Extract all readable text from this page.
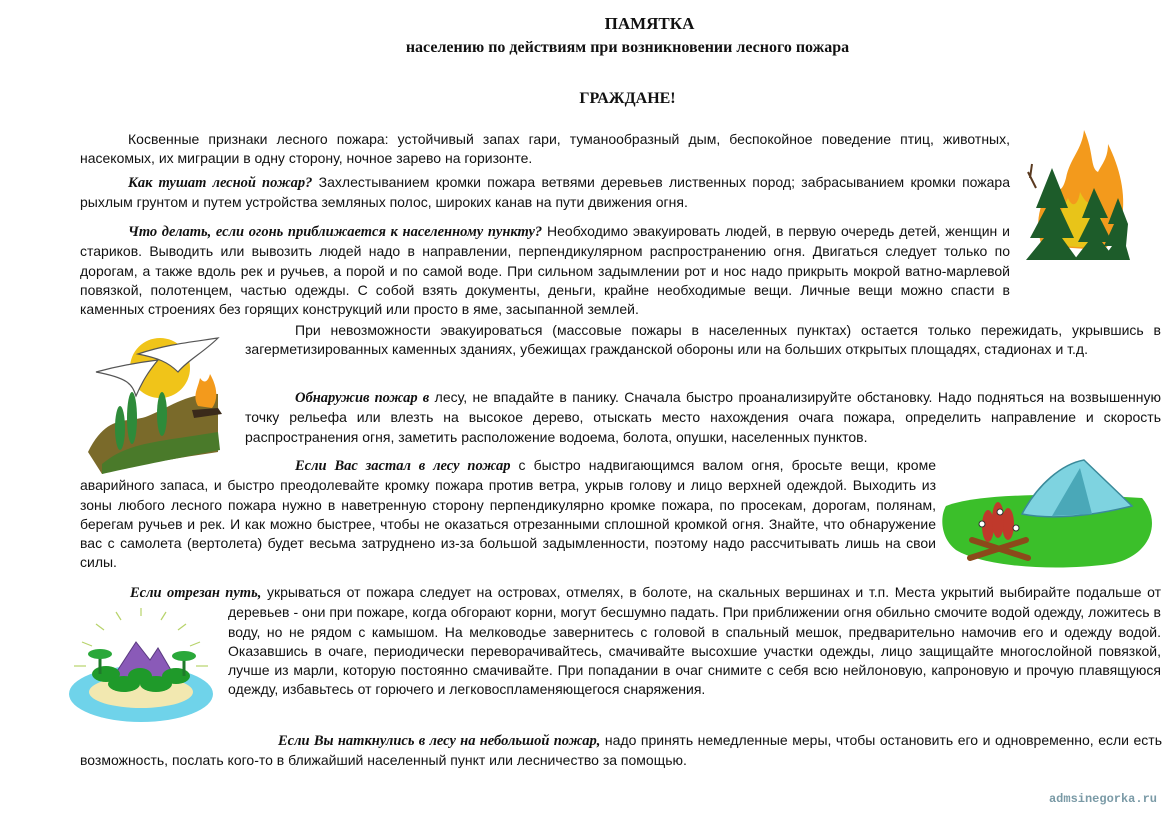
ПАМЯТКА
населению по действиям при возникновении лесного пожара
ГРАЖДАНЕ!

Косвенные признаки лесного пожара: устойчивый запах гари, туманообразный дым, беспокойное поведение птиц, животных, насекомых, их миграции в одну сторону, ночное зарево на горизонте.

Как тушат лесной пожар? Захлестыванием кромки пожара ветвями деревьев лиственных пород; забрасыванием кромки пожара рыхлым грунтом и путем устройства земляных полос, широких канав на пути движения огня.

Что делать, если огонь приближается к населенному пункту? Необходимо эвакуировать людей, в первую очередь детей, женщин и стариков. Выводить или вывозить людей надо в направлении, перпендикулярном распространению огня. Двигаться следует только по дорогам, а также вдоль рек и ручьев, а порой и по самой воде. При сильном задымлении рот и нос надо прикрыть мокрой ватно-марлевой повязкой, полотенцем, частью одежды. С собой взять документы, деньги, крайне необходимые вещи. Личные вещи можно спасти в каменных строениях без горящих конструкций или просто в яме, засыпанной землей.

При невозможности эвакуироваться (массовые пожары в населенных пунктах) остается только пережидать, укрывшись в загерметизированных каменных зданиях, убежищах гражданской обороны или на больших открытых площадях, стадионах и т.д.

Обнаружив пожар в лесу, не впадайте в панику. Сначала быстро проанализируйте обстановку. Надо подняться на возвышенную точку рельефа или влезть на высокое дерево, отыскать место нахождения очага пожара, определить направление и скорость распространения огня, заметить расположение водоема, болота, опушки, населенных пунктов.

Если Вас застал в лесу пожар с быстро надвигающимся валом огня, бросьте вещи, кроме аварийного запаса, и быстро преодолевайте кромку пожара против ветра, укрыв голову и лицо верхней одеждой. Выходить из зоны любого лесного пожара нужно в наветренную сторону перпендикулярно кромке пожара, по просекам, дорогам, полянам, берегам ручьев и рек. И как можно быстрее, чтобы не оказаться отрезанными сплошной кромкой огня. Знайте, что обнаружение вас с самолета (вертолета) будет весьма затруднено из-за большой задымленности, поэтому надо рассчитывать лишь на свои силы.

Если отрезан путь, укрываться от пожара следует на островах, отмелях, в болоте, на скальных вершинах и т.п. Места укрытий выбирайте подальше от деревьев - они при пожаре, когда обгорают корни, могут бесшумно падать. При приближении огня обильно смочите водой одежду, ложитесь в воду, но не рядом с камышом. На мелководье завернитесь с головой в спальный мешок, предварительно намочив его и одежду водой. Оказавшись в очаге, периодически переворачивайтесь, смачивайте высохшие участки одежды, лицо защищайте многослойной повязкой, лучше из марли, которую постоянно смачивайте. При попадании в очаг снимите с себя всю нейлоновую, капроновую и прочую плавящуюся одежду, избавьтесь от горючего и легковоспламеняющегося снаряжения.

Если Вы наткнулись в лесу на небольшой пожар, надо принять немедленные меры, чтобы остановить его и одновременно, если есть возможность, послать кого-то в ближайший населенный пункт или лесничество за помощью.

admsinegorka.ru
